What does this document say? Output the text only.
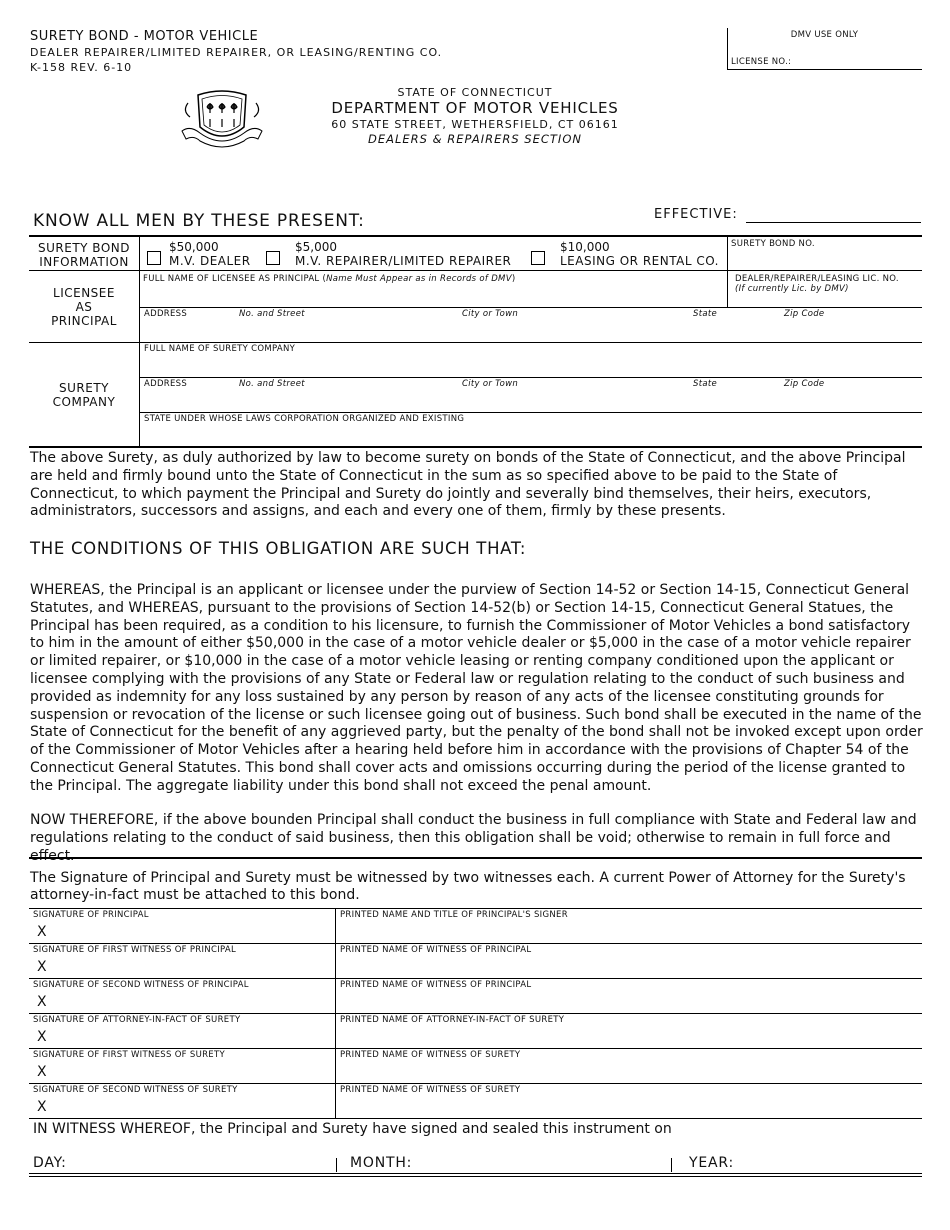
SURETY BOND - MOTOR VEHICLE
DEALER REPAIRER/LIMITED REPAIRER, OR LEASING/RENTING CO.
K-158 REV. 6-10
DMV USE ONLY
LICENSE NO.:
STATE OF CONNECTICUT
DEPARTMENT OF MOTOR VEHICLES
60 STATE STREET, WETHERSFIELD, CT 06161
DEALERS & REPAIRERS SECTION
KNOW ALL MEN BY THESE PRESENT:	EFFECTIVE:
SURETY BOND
INFORMATION
$50,000
M.V. DEALER
$5,000
M.V. REPAIRER/LIMITED REPAIRER
$10,000
LEASING OR RENTAL CO.
SURETY BOND NO.
LICENSEE
AS
PRINCIPAL
FULL NAME OF LICENSEE AS PRINCIPAL (Name Must Appear as in Records of DMV)	DEALER/REPAIRER/LEASING LIC. NO.
(If currently Lic. by DMV)
ADDRESS	No. and Street	City or Town	State	Zip Code
SURETY
COMPANY
FULL NAME OF SURETY COMPANY
ADDRESS	No. and Street	City or Town	State	Zip Code
STATE UNDER WHOSE LAWS CORPORATION ORGANIZED AND EXISTING
The above Surety, as duly authorized by law to become surety on bonds of the State of Connecticut, and the above Principal are held and firmly bound unto the State of Connecticut in the sum as so specified above to be paid to the State of Connecticut, to which payment the Principal and Surety do jointly and severally bind themselves, their heirs, executors, administrators, successors and assigns, and each and every one of them, firmly by these presents.
THE CONDITIONS OF THIS OBLIGATION ARE SUCH THAT:
WHEREAS, the Principal is an applicant or licensee under the purview of Section 14-52 or Section 14-15, Connecticut General Statutes, and WHEREAS, pursuant to the provisions of Section 14-52(b) or Section 14-15, Connecticut General Statues, the Principal has been required, as a condition to his licensure, to furnish the Commissioner of Motor Vehicles a bond satisfactory to him in the amount of either $50,000 in the case of a motor vehicle dealer or $5,000 in the case of a motor vehicle repairer or limited repairer, or $10,000 in the case of a motor vehicle leasing or renting company conditioned upon the applicant or licensee complying with the provisions of any State or Federal law or regulation relating to the conduct of such business and provided as indemnity for any loss sustained by any person by reason of any acts of the licensee constituting grounds for suspension or revocation of the license or such licensee going out of business. Such bond shall be executed in the name of the State of Connecticut for the benefit of any aggrieved party, but the penalty of the bond shall not be invoked except upon order of the Commissioner of Motor Vehicles after a hearing held before him in accordance with the provisions of Chapter 54 of the Connecticut General Statutes. This bond shall cover acts and omissions occurring during the period of the license granted to the Principal. The aggregate liability under this bond shall not exceed the penal amount.
NOW THEREFORE, if the above bounden Principal shall conduct the business in full compliance with State and Federal law and regulations relating to the conduct of said business, then this obligation shall be void; otherwise to remain in full force and effect.
The Signature of Principal and Surety must be witnessed by two witnesses each. A current Power of Attorney for the Surety's attorney-in-fact must be attached to this bond.
SIGNATURE OF PRINCIPAL
X
PRINTED NAME AND TITLE OF PRINCIPAL'S SIGNER
SIGNATURE OF FIRST WITNESS OF PRINCIPAL
X
PRINTED NAME OF WITNESS OF PRINCIPAL
SIGNATURE OF SECOND WITNESS OF PRINCIPAL
X
PRINTED NAME OF WITNESS OF PRINCIPAL
SIGNATURE OF ATTORNEY-IN-FACT OF SURETY
X
PRINTED NAME OF ATTORNEY-IN-FACT OF SURETY
SIGNATURE OF FIRST WITNESS OF SURETY
X
PRINTED NAME OF WITNESS OF SURETY
SIGNATURE OF SECOND WITNESS OF SURETY
X
PRINTED NAME OF WITNESS OF SURETY
IN WITNESS WHEREOF, the Principal and Surety have signed and sealed this instrument on
DAY:	MONTH:	YEAR:
